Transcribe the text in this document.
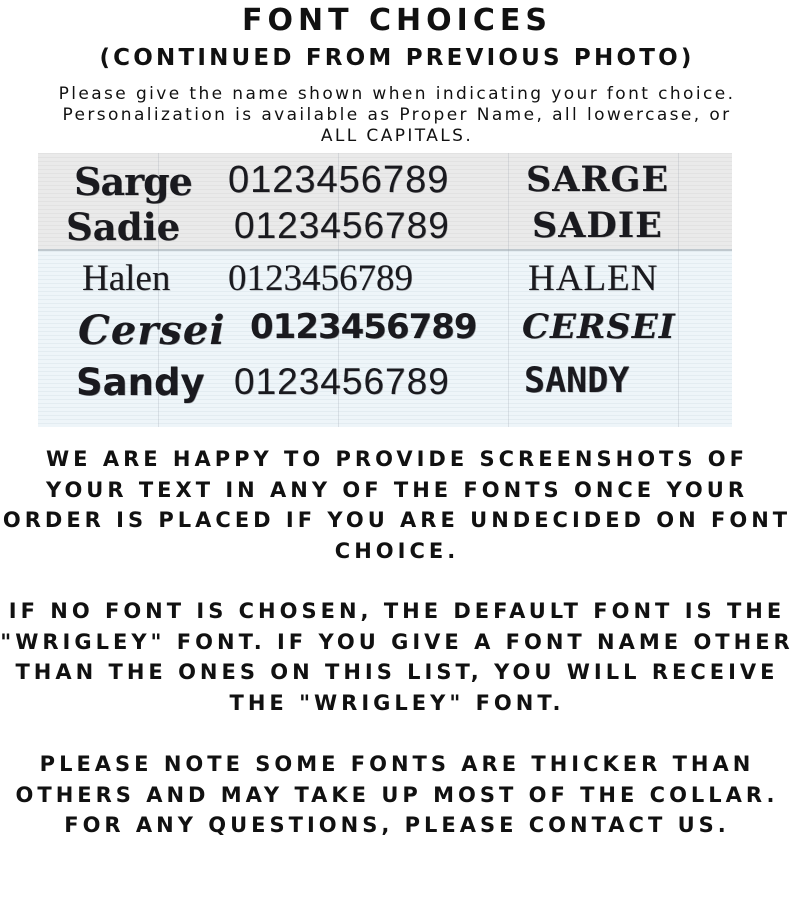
FONT CHOICES
(CONTINUED FROM PREVIOUS PHOTO)
Please give the name shown when indicating your font choice. Personalization is available as Proper Name, all lowercase, or ALL CAPITALS.
Sarge 0123456789 SARGE
Sadie 0123456789 SADIE
Halen 0123456789	HALEN
Cersei 0123456789 CERSEI
Sandy 0123456789 SANDY
WE ARE HAPPY TO PROVIDE SCREENSHOTS OF YOUR TEXT IN ANY OF THE FONTS ONCE YOUR ORDER IS PLACED IF YOU ARE UNDECIDED ON FONT CHOICE.
IF NO FONT IS CHOSEN, THE DEFAULT FONT IS THE "WRIGLEY" FONT. IF YOU GIVE A FONT NAME OTHER THAN THE ONES ON THIS LIST, YOU WILL RECEIVE THE "WRIGLEY" FONT.
PLEASE NOTE SOME FONTS ARE THICKER THAN OTHERS AND MAY TAKE UP MOST OF THE COLLAR. FOR ANY QUESTIONS, PLEASE CONTACT US.
